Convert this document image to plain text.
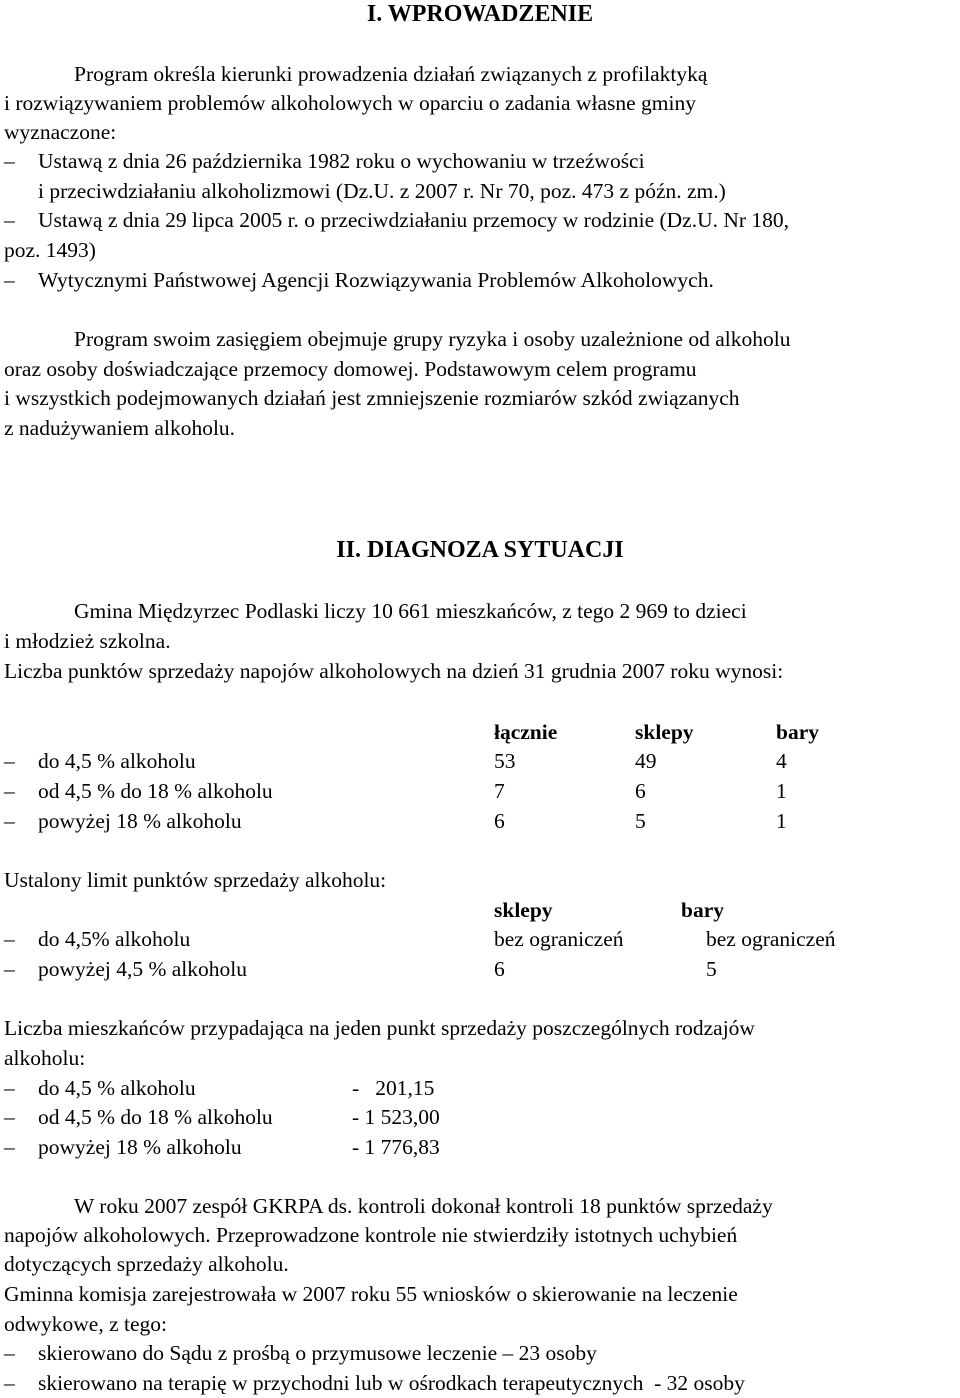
I. WPROWADZENIE
Program określa kierunki prowadzenia działań związanych z profilaktyką
i rozwiązywaniem problemów alkoholowych w oparciu o zadania własne gminy
wyznaczone:
– Ustawą z dnia 26 października 1982 roku o wychowaniu w trzeźwości
i przeciwdziałaniu alkoholizmowi (Dz.U. z 2007 r. Nr 70, poz. 473 z późn. zm.)
– Ustawą z dnia 29 lipca 2005 r. o przeciwdziałaniu przemocy w rodzinie (Dz.U. Nr 180,
poz. 1493)
– Wytycznymi Państwowej Agencji Rozwiązywania Problemów Alkoholowych.
Program swoim zasięgiem obejmuje grupy ryzyka i osoby uzależnione od alkoholu
oraz osoby doświadczające przemocy domowej. Podstawowym celem programu
i wszystkich podejmowanych działań jest zmniejszenie rozmiarów szkód związanych
z nadużywaniem alkoholu.
II. DIAGNOZA SYTUACJI
Gmina Międzyrzec Podlaski liczy 10 661 mieszkańców, z tego 2 969 to dzieci
i młodzież szkolna.
Liczba punktów sprzedaży napojów alkoholowych na dzień 31 grudnia 2007 roku wynosi:
łącznie	sklepy	bary
– do 4,5 % alkoholu	53	49	4
– od 4,5 % do 18 % alkoholu	7	6	1
– powyżej 18 % alkoholu	6	5	1
Ustalony limit punktów sprzedaży alkoholu:
sklepy	bary
– do 4,5% alkoholu	bez ograniczeń	bez ograniczeń
– powyżej 4,5 % alkoholu	6	5
Liczba mieszkańców przypadająca na jeden punkt sprzedaży poszczególnych rodzajów
alkoholu:
– do 4,5 % alkoholu	-   201,15
– od 4,5 % do 18 % alkoholu	- 1 523,00
– powyżej 18 % alkoholu	- 1 776,83
W roku 2007 zespół GKRPA ds. kontroli dokonał kontroli 18 punktów sprzedaży
napojów alkoholowych. Przeprowadzone kontrole nie stwierdziły istotnych uchybień
dotyczących sprzedaży alkoholu.
Gminna komisja zarejestrowała w 2007 roku 55 wniosków o skierowanie na leczenie
odwykowe, z tego:
– skierowano do Sądu z prośbą o przymusowe leczenie – 23 osoby
– skierowano na terapię w przychodni lub w ośrodkach terapeutycznych  - 32 osoby
